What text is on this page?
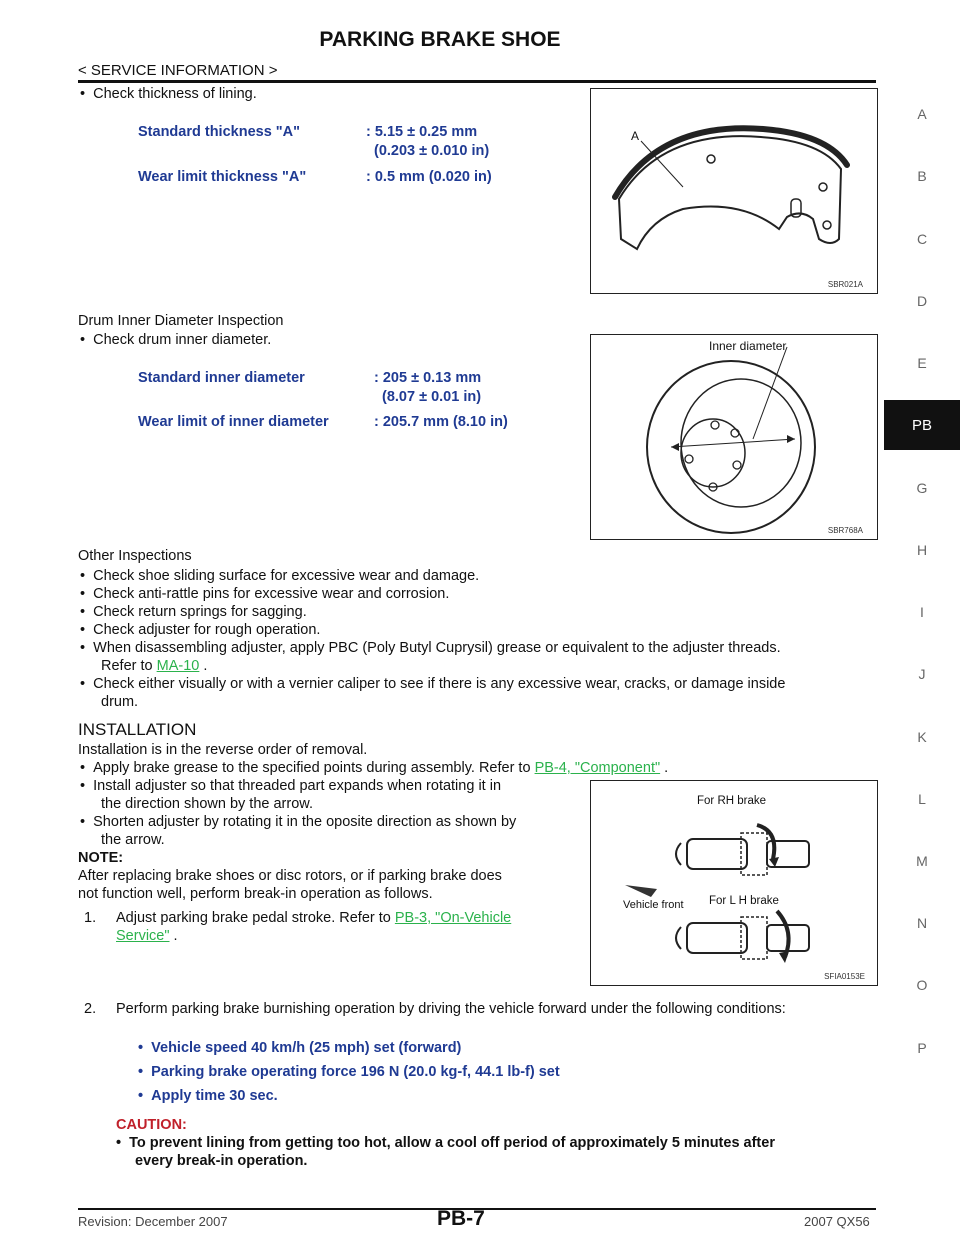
PARKING BRAKE SHOE
< SERVICE INFORMATION >
A
B
C
D
E
PB
G
H
I
J
K
L
M
N
O
P
•  Check thickness of lining.
Standard thickness "A"	: 5.15 ± 0.25 mm
(0.203 ± 0.010 in)
Wear limit thickness "A"	: 0.5 mm (0.020 in)
A
SBR021A
Drum Inner Diameter Inspection
•  Check drum inner diameter.
Standard inner diameter	: 205 ± 0.13 mm
(8.07 ± 0.01 in)
Wear limit of inner diameter	: 205.7 mm (8.10 in)
Inner diameter
SBR768A
Other Inspections
•  Check shoe sliding surface for excessive wear and damage.
•  Check anti-rattle pins for excessive wear and corrosion.
•  Check return springs for sagging.
•  Check adjuster for rough operation.
•  When disassembling adjuster, apply PBC (Poly Butyl Cuprysil) grease or equivalent to the adjuster threads.
Refer to MA-10 .
•  Check either visually or with a vernier caliper to see if there is any excessive wear, cracks, or damage inside
drum.
INSTALLATION
Installation is in the reverse order of removal.
•  Apply brake grease to the specified points during assembly. Refer to PB-4, "Component" .
•  Install adjuster so that threaded part expands when rotating it in
the direction shown by the arrow.
•  Shorten adjuster by rotating it in the oposite direction as shown by
the arrow.
NOTE:
After replacing brake shoes or disc rotors, or if parking brake does
not function well, perform break-in operation as follows.
1. Adjust parking brake pedal stroke. Refer to PB-3, "On-Vehicle
Service" .
For RH brake
Vehicle front For L H brake
SFIA0153E
2. Perform parking brake burnishing operation by driving the vehicle forward under the following conditions:
•  Vehicle speed 40 km/h (25 mph) set (forward)
•  Parking brake operating force 196 N (20.0 kg-f, 44.1 lb-f) set
•  Apply time 30 sec.
CAUTION:
•  To prevent lining from getting too hot, allow a cool off period of approximately 5 minutes after
every break-in operation.
Revision: December 2007	PB-7	2007 QX56
